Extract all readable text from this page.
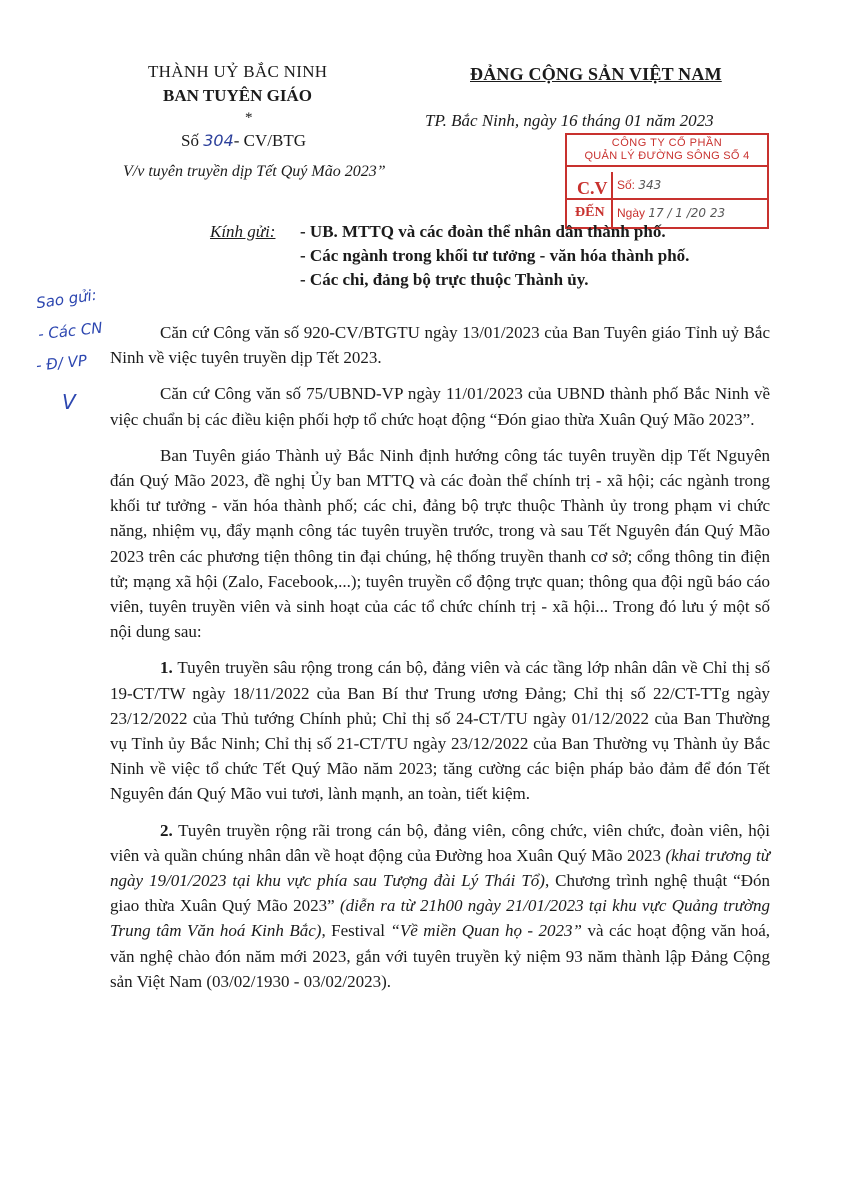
THÀNH UỶ BẮC NINH
BAN TUYÊN GIÁO
*
Số 304- CV/BTG
V/v tuyên truyền dịp Tết Quý Mão 2023”
ĐẢNG CỘNG SẢN VIỆT NAM
TP. Bắc Ninh, ngày 16 tháng 01 năm 2023
CÔNG TY CỔ PHẦN
QUẢN LÝ ĐƯỜNG SÔNG SỐ 4
C.V
ĐẾN
Số: 343
Ngày 17 / 1 /20 23
Kính gửi: - UB. MTTQ và các đoàn thể nhân dân thành phố.
- Các ngành trong khối tư tưởng - văn hóa thành phố.
- Các chi, đảng bộ trực thuộc Thành ủy.
Sao gửi:
- Các CN
- Đ/ VP
V

Căn cứ Công văn số 920-CV/BTGTU ngày 13/01/2023 của Ban Tuyên giáo Tỉnh uỷ Bắc Ninh về việc tuyên truyền dịp Tết 2023.

Căn cứ Công văn số 75/UBND-VP ngày 11/01/2023 của UBND thành phố Bắc Ninh về việc chuẩn bị các điều kiện phối hợp tổ chức hoạt động “Đón giao thừa Xuân Quý Mão 2023”.

Ban Tuyên giáo Thành uỷ Bắc Ninh định hướng công tác tuyên truyền dịp Tết Nguyên đán Quý Mão 2023, đề nghị Ủy ban MTTQ và các đoàn thể chính trị - xã hội; các ngành trong khối tư tưởng - văn hóa thành phố; các chi, đảng bộ trực thuộc Thành ủy trong phạm vi chức năng, nhiệm vụ, đẩy mạnh công tác tuyên truyền trước, trong và sau Tết Nguyên đán Quý Mão 2023 trên các phương tiện thông tin đại chúng, hệ thống truyền thanh cơ sở; cổng thông tin điện tử; mạng xã hội (Zalo, Facebook,...); tuyên truyền cổ động trực quan; thông qua đội ngũ báo cáo viên, tuyên truyền viên và sinh hoạt của các tổ chức chính trị - xã hội... Trong đó lưu ý một số nội dung sau:

1. Tuyên truyền sâu rộng trong cán bộ, đảng viên và các tầng lớp nhân dân về Chỉ thị số 19-CT/TW ngày 18/11/2022 của Ban Bí thư Trung ương Đảng; Chỉ thị số 22/CT-TTg ngày 23/12/2022 của Thủ tướng Chính phủ; Chỉ thị số 24-CT/TU ngày 01/12/2022 của Ban Thường vụ Tỉnh ủy Bắc Ninh; Chỉ thị số 21-CT/TU ngày 23/12/2022 của Ban Thường vụ Thành ủy Bắc Ninh về việc tổ chức Tết Quý Mão năm 2023; tăng cường các biện pháp bảo đảm để đón Tết Nguyên đán Quý Mão vui tươi, lành mạnh, an toàn, tiết kiệm.

2. Tuyên truyền rộng rãi trong cán bộ, đảng viên, công chức, viên chức, đoàn viên, hội viên và quần chúng nhân dân về hoạt động của Đường hoa Xuân Quý Mão 2023 (khai trương từ ngày 19/01/2023 tại khu vực phía sau Tượng đài Lý Thái Tổ), Chương trình nghệ thuật “Đón giao thừa Xuân Quý Mão 2023” (diễn ra từ 21h00 ngày 21/01/2023 tại khu vực Quảng trường Trung tâm Văn hoá Kinh Bắc), Festival “Về miền Quan họ - 2023” và các hoạt động văn hoá, văn nghệ chào đón năm mới 2023, gắn với tuyên truyền kỷ niệm 93 năm thành lập Đảng Cộng sản Việt Nam (03/02/1930 - 03/02/2023).
